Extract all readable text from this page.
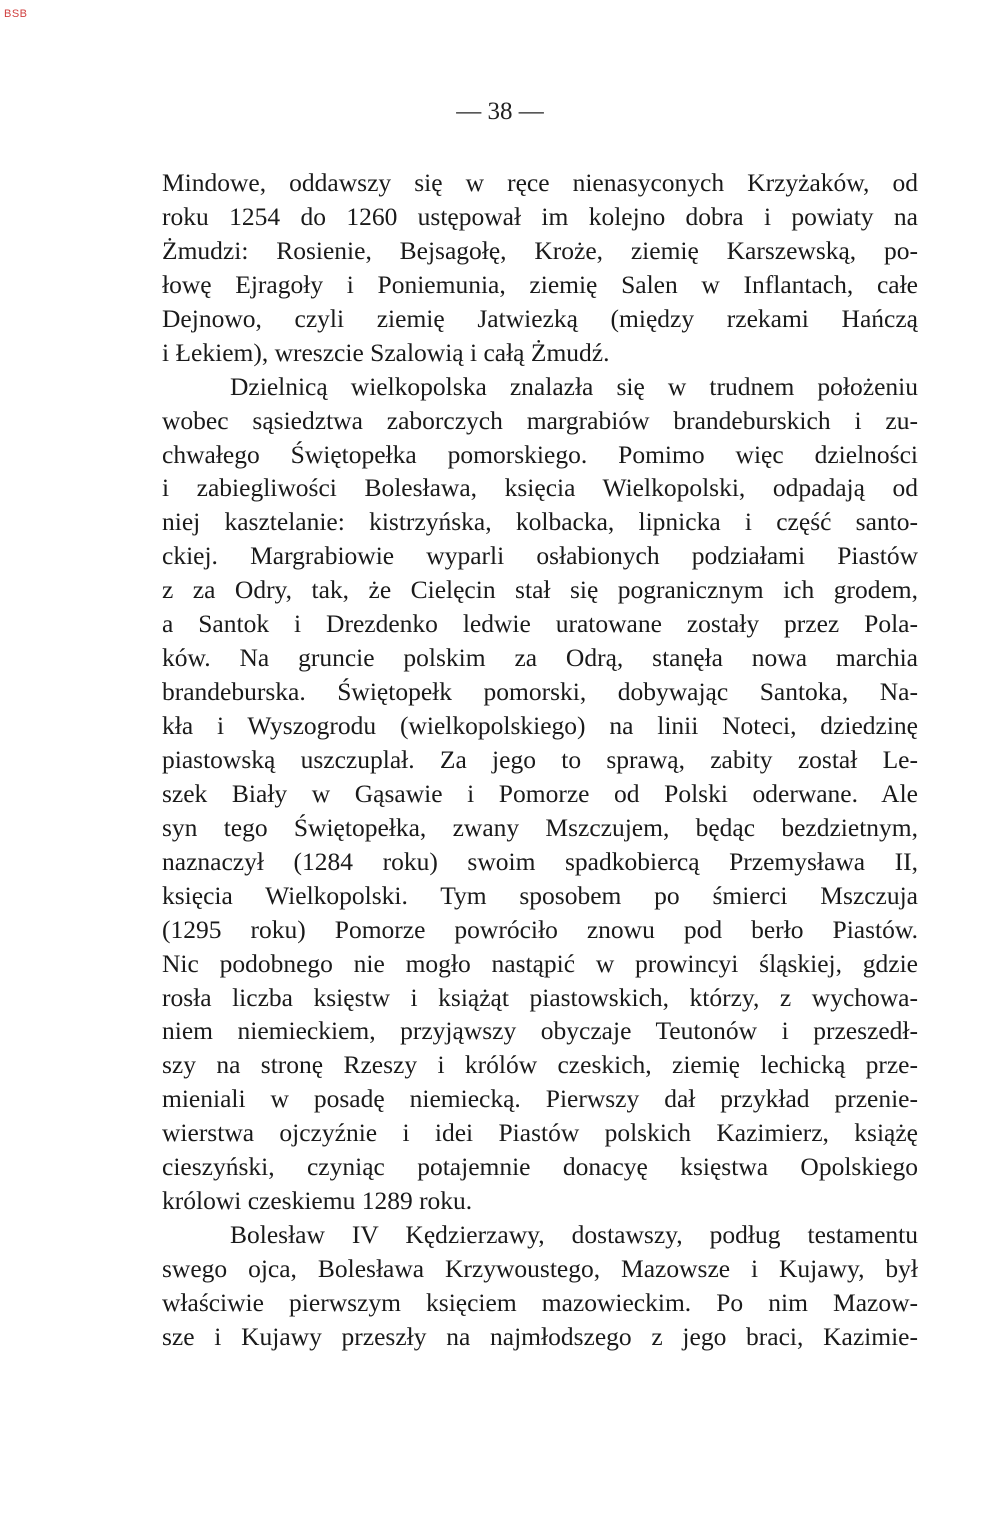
BSB
— 38 —
Mindowe, oddawszy się w ręce nienasyconych Krzyżaków, od
roku 1254 do 1260 ustępował im kolejno dobra i powiaty na
Żmudzi: Rosienie, Bejsagołę, Kroże, ziemię Karszewską, po-
łowę Ejragoły i Poniemunia, ziemię Salen w Inflantach, całe
Dejnowo, czyli ziemię Jatwiezką (między rzekami Hańczą
i Łekiem), wreszcie Szalowią i całą Żmudź.
Dzielnicą wielkopolska znalazła się w trudnem położeniu
wobec sąsiedztwa zaborczych margrabiów brandeburskich i zu-
chwałego Świętopełka pomorskiego. Pomimo więc dzielności
i zabiegliwości Bolesława, księcia Wielkopolski, odpadają od
niej kasztelanie: kistrzyńska, kolbacka, lipnicka i część santo-
ckiej. Margrabiowie wyparli osłabionych podziałami Piastów
z za Odry, tak, że Cielęcin stał się pogranicznym ich grodem,
a Santok i Drezdenko ledwie uratowane zostały przez Pola-
ków. Na gruncie polskim za Odrą, stanęła nowa marchia
brandeburska. Świętopełk pomorski, dobywając Santoka, Na-
kła i Wyszogrodu (wielkopolskiego) na linii Noteci, dziedzinę
piastowską uszczuplał. Za jego to sprawą, zabity został Le-
szek Biały w Gąsawie i Pomorze od Polski oderwane. Ale
syn tego Świętopełka, zwany Mszczujem, będąc bezdzietnym,
naznaczył (1284 roku) swoim spadkobiercą Przemysława II,
księcia Wielkopolski. Tym sposobem po śmierci Mszczuja
(1295 roku) Pomorze powróciło znowu pod berło Piastów.
Nic podobnego nie mogło nastąpić w prowincyi śląskiej, gdzie
rosła liczba księstw i książąt piastowskich, którzy, z wychowa-
niem niemieckiem, przyjąwszy obyczaje Teutonów i przeszedł-
szy na stronę Rzeszy i królów czeskich, ziemię lechicką prze-
mieniali w posadę niemiecką. Pierwszy dał przykład przenie-
wierstwa ojczyźnie i idei Piastów polskich Kazimierz, książę
cieszyński, czyniąc potajemnie donacyę księstwa Opolskiego
królowi czeskiemu 1289 roku.
Bolesław IV Kędzierzawy, dostawszy, podług testamentu
swego ojca, Bolesława Krzywoustego, Mazowsze i Kujawy, był
właściwie pierwszym księciem mazowieckim. Po nim Mazow-
sze i Kujawy przeszły na najmłodszego z jego braci, Kazimie-
